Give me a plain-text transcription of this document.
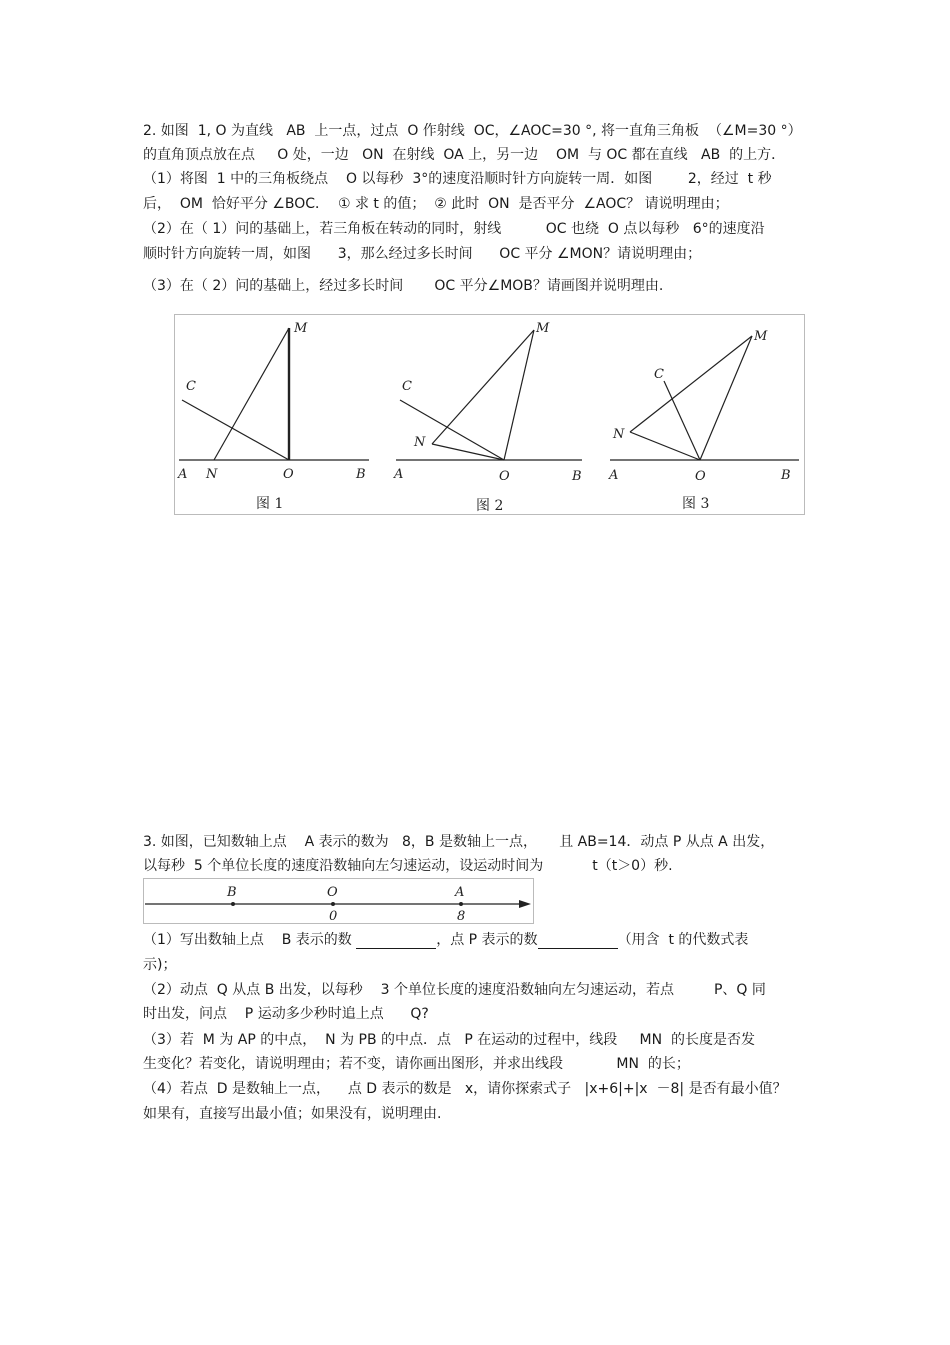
2. 如图  1, O 为直线   AB  上一点，过点  O 作射线  OC，∠AOC=30 °, 将一直角三角板  （∠M=30 °）
的直角顶点放在点     O 处，一边   ON  在射线  OA 上，另一边    OM  与 OC 都在直线   AB  的上方．
（1）将图  1 中的三角板绕点    O 以每秒  3°的速度沿顺时针方向旋转一周．如图        2，经过  t 秒
后，  OM  恰好平分 ∠BOC．  ① 求 t 的值；  ② 此时  ON  是否平分  ∠AOC？ 请说明理由；
（2）在（ 1）问的基础上，若三角板在转动的同时，射线          OC 也绕  O 点以每秒   6°的速度沿
顺时针方向旋转一周，如图      3，那么经过多长时间      OC 平分 ∠MON？请说明理由；
（3）在（ 2）问的基础上，经过多长时间       OC 平分∠MOB？请画图并说明理由.
M
C
A N	O	B
图 1
M
C
N
A	O	B
图 2
M
C
N
A	O	B
图 3
3. 如图，已知数轴上点    A 表示的数为   8，B 是数轴上一点，     且 AB=14．动点 P 从点 A 出发，
以每秒  5 个单位长度的速度沿数轴向左匀速运动，设运动时间为           t（t＞0）秒.
B	O	A
0	8
（1）写出数轴上点    B 表示的数	，点 P 表示的数	（用含  t 的代数式表
示)；
（2）动点  Q 从点 B 出发，以每秒    3 个单位长度的速度沿数轴向左匀速运动，若点         P、Q 同
时出发，问点    P 运动多少秒时追上点      Q?
（3）若  M 为 AP 的中点，  N 为 PB 的中点．点   P 在运动的过程中，线段     MN  的长度是否发
生变化？若变化，请说明理由；若不变，请你画出图形，并求出线段            MN  的长；
（4）若点  D 是数轴上一点，    点 D 表示的数是   x，请你探索式子   |x+6|+|x  －8| 是否有最小值？
如果有，直接写出最小值；如果没有，说明理由.
